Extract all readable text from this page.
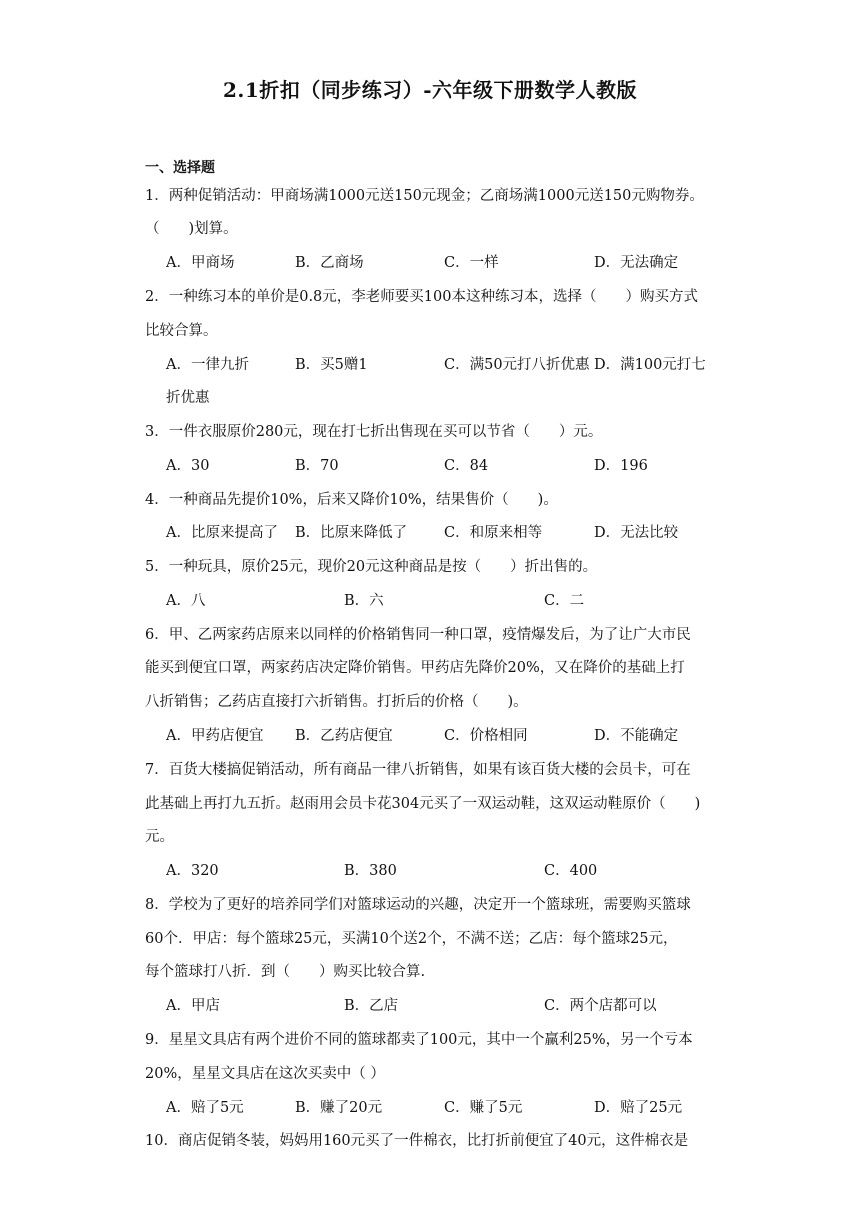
2.1折扣（同步练习）-六年级下册数学人教版
一、选择题
1．两种促销活动：甲商场满1000元送150元现金；乙商场满1000元送150元购物券。
（　　)划算。
A．甲商场	B．乙商场	C．一样	D．无法确定
2．一种练习本的单价是0.8元，李老师要买100本这种练习本，选择（　　）购买方式
比较合算。
A．一律九折	B．买5赠1	C．满50元打八折优惠 D．满100元打七
折优惠
3．一件衣服原价280元，现在打七折出售现在买可以节省（　　）元。
A．30	B．70	C．84	D．196
4．一种商品先提价10%，后来又降价10%，结果售价（　　)。
A．比原来提高了 B．比原来降低了	C．和原来相等	D．无法比较
5．一种玩具，原价25元，现价20元这种商品是按（　　）折出售的。
A．八	B．六	C．二
6．甲、乙两家药店原来以同样的价格销售同一种口罩，疫情爆发后，为了让广大市民
能买到便宜口罩，两家药店决定降价销售。甲药店先降价20%，又在降价的基础上打
八折销售；乙药店直接打六折销售。打折后的价格（　　)。
A．甲药店便宜 B．乙药店便宜	C．价格相同	D．不能确定
7．百货大楼搞促销活动，所有商品一律八折销售，如果有该百货大楼的会员卡，可在
此基础上再打九五折。赵雨用会员卡花304元买了一双运动鞋，这双运动鞋原价（　　)
元。
A．320	B．380	C．400
8．学校为了更好的培养同学们对篮球运动的兴趣，决定开一个篮球班，需要购买篮球
60个．甲店：每个篮球25元，买满10个送2个，不满不送；乙店：每个篮球25元，
每个篮球打八折．到（　　）购买比较合算.
A．甲店	B．乙店	C．两个店都可以
9．星星文具店有两个进价不同的篮球都卖了100元，其中一个赢利25%，另一个亏本
20%，星星文具店在这次买卖中（ ）
A．赔了5元	B．赚了20元	C．赚了5元	D．赔了25元
10．商店促销冬装，妈妈用160元买了一件棉衣，比打折前便宜了40元，这件棉衣是
